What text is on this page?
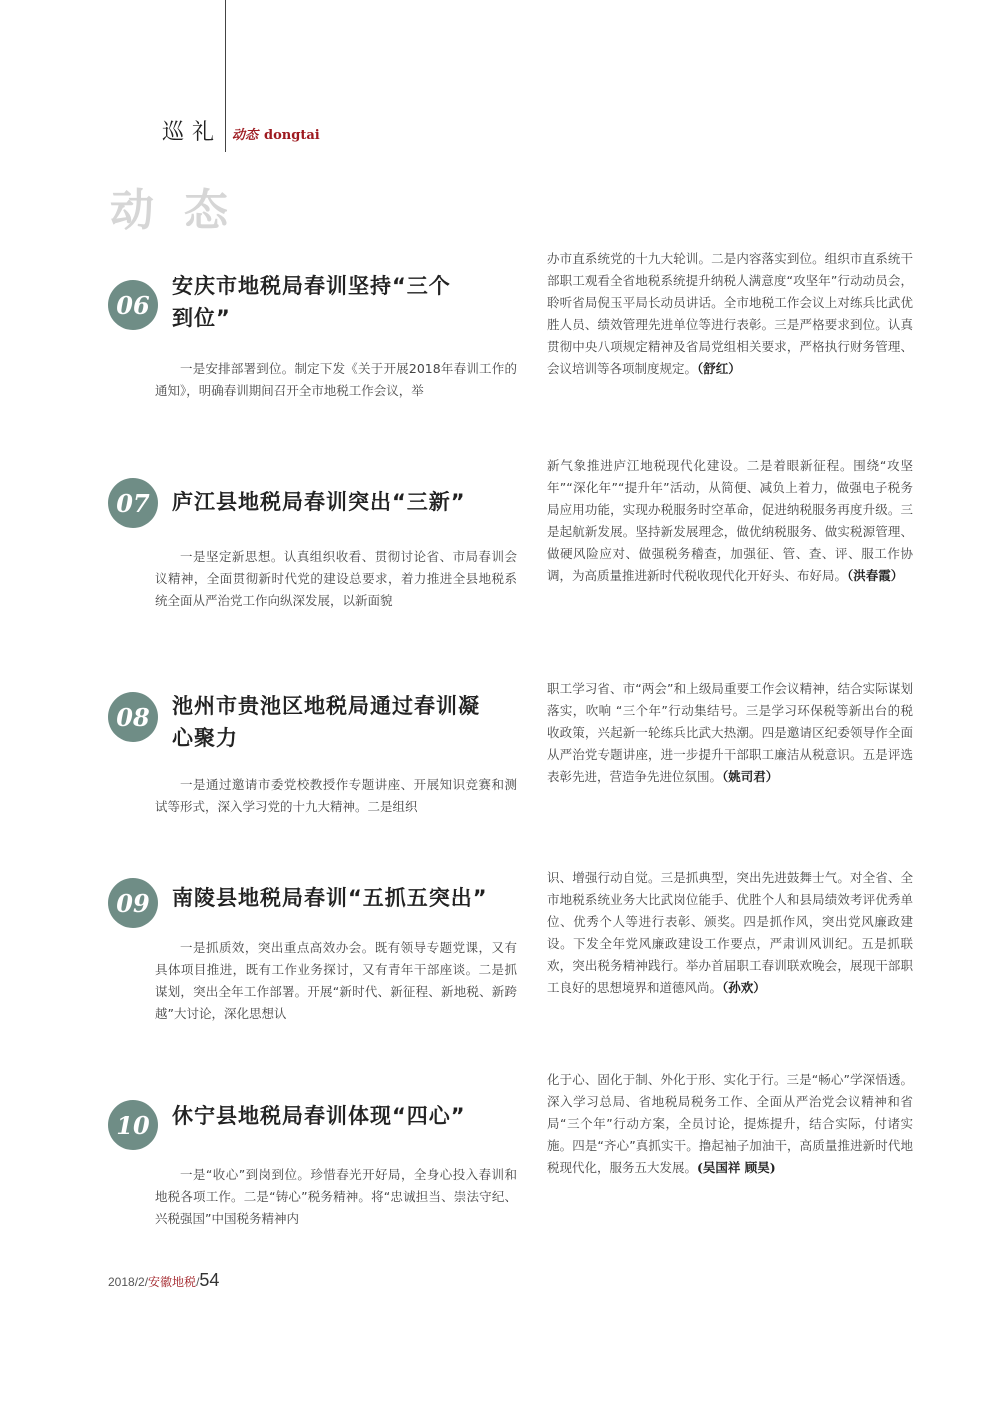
巡礼 动态 dongtai
动态
06
安庆市地税局春训坚持“三个
到位”
一是安排部署到位。制定下发《关于开展2018年春训工作的通知》，明确春训期间召开全市地税工作会议，举
办市直系统党的十九大轮训。二是内容落实到位。组织市直系统干部职工观看全省地税系统提升纳税人满意度“攻坚年”行动动员会，聆听省局倪玉平局长动员讲话。全市地税工作会议上对练兵比武优胜人员、绩效管理先进单位等进行表彰。三是严格要求到位。认真贯彻中央八项规定精神及省局党组相关要求，严格执行财务管理、会议培训等各项制度规定。（舒红）
07	庐江县地税局春训突出“三新”
一是坚定新思想。认真组织收看、贯彻讨论省、市局春训会议精神，全面贯彻新时代党的建设总要求，着力推进全县地税系统全面从严治党工作向纵深发展，以新面貌
新气象推进庐江地税现代化建设。二是着眼新征程。围绕“攻坚年”“深化年”“提升年”活动，从简便、减负上着力，做强电子税务局应用功能，实现办税服务时空革命，促进纳税服务再度升级。三是起航新发展。坚持新发展理念，做优纳税服务、做实税源管理、做硬风险应对、做强税务稽查，加强征、管、查、评、服工作协调，为高质量推进新时代税收现代化开好头、布好局。（洪春霞）
08	池州市贵池区地税局通过春训凝
心聚力
一是通过邀请市委党校教授作专题讲座、开展知识竞赛和测试等形式，深入学习党的十九大精神。二是组织
职工学习省、市“两会”和上级局重要工作会议精神，结合实际谋划落实，吹响 “三个年”行动集结号。三是学习环保税等新出台的税收政策，兴起新一轮练兵比武大热潮。四是邀请区纪委领导作全面从严治党专题讲座，进一步提升干部职工廉洁从税意识。五是评选表彰先进，营造争先进位氛围。（姚司君）
09	南陵县地税局春训“五抓五突出”
一是抓质效，突出重点高效办会。既有领导专题党课，又有具体项目推进，既有工作业务探讨，又有青年干部座谈。二是抓谋划，突出全年工作部署。开展“新时代、新征程、新地税、新跨越”大讨论，深化思想认
识、增强行动自觉。三是抓典型，突出先进鼓舞士气。对全省、全市地税系统业务大比武岗位能手、优胜个人和县局绩效考评优秀单位、优秀个人等进行表彰、颁奖。四是抓作风，突出党风廉政建设。下发全年党风廉政建设工作要点，严肃训风训纪。五是抓联欢，突出税务精神践行。举办首届职工春训联欢晚会，展现干部职工良好的思想境界和道德风尚。（孙欢）
10	休宁县地税局春训体现“四心”
一是“收心”到岗到位。珍惜春光开好局，全身心投入春训和地税各项工作。二是“铸心”税务精神。将“忠诚担当、崇法守纪、兴税强国”中国税务精神内
化于心、固化于制、外化于形、实化于行。三是“畅心”学深悟透。深入学习总局、省地税局税务工作、全面从严治党会议精神和省局“三个年”行动方案，全员讨论，提炼提升，结合实际，付诸实施。四是“齐心”真抓实干。撸起袖子加油干，高质量推进新时代地税现代化，服务五大发展。(吴国祥 顾昊)
2018/2/安徽地税/54
